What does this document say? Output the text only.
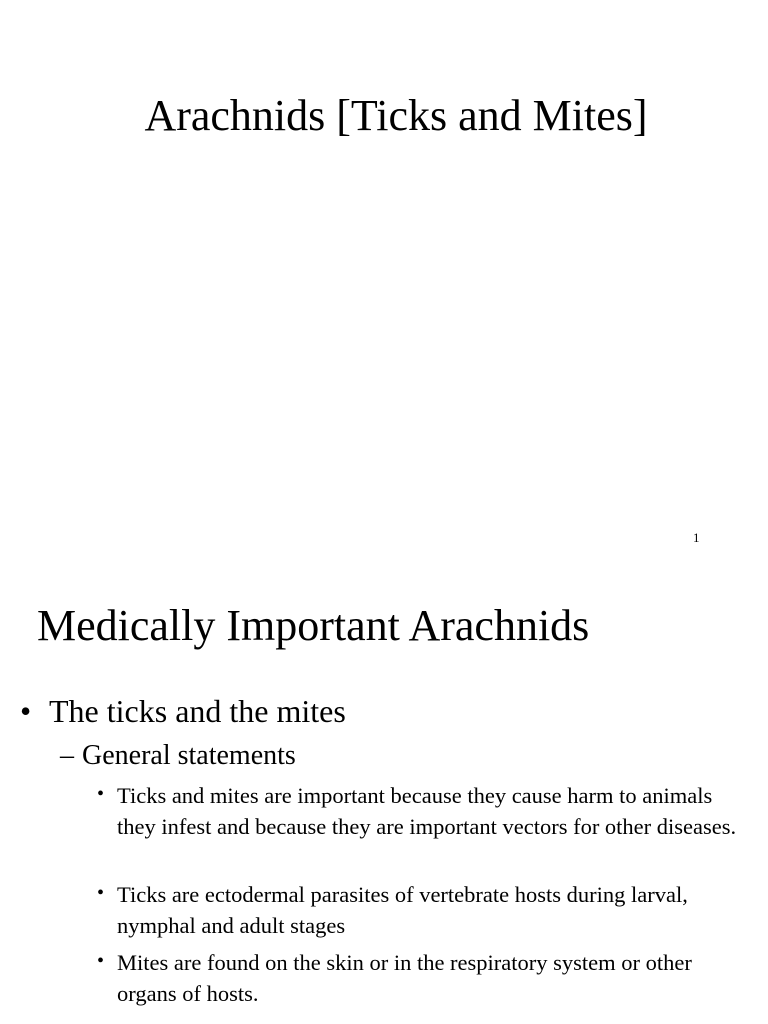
Arachnids [Ticks and Mites]
1
Medically Important Arachnids
• The ticks and the mites
– General statements
• Ticks and mites are important because they cause harm to animals they infest and because they are important vectors for other diseases.
• Ticks are ectodermal parasites of vertebrate hosts during larval, nymphal and adult stages
• Mites are found on the skin or in the respiratory system or other organs of hosts.
